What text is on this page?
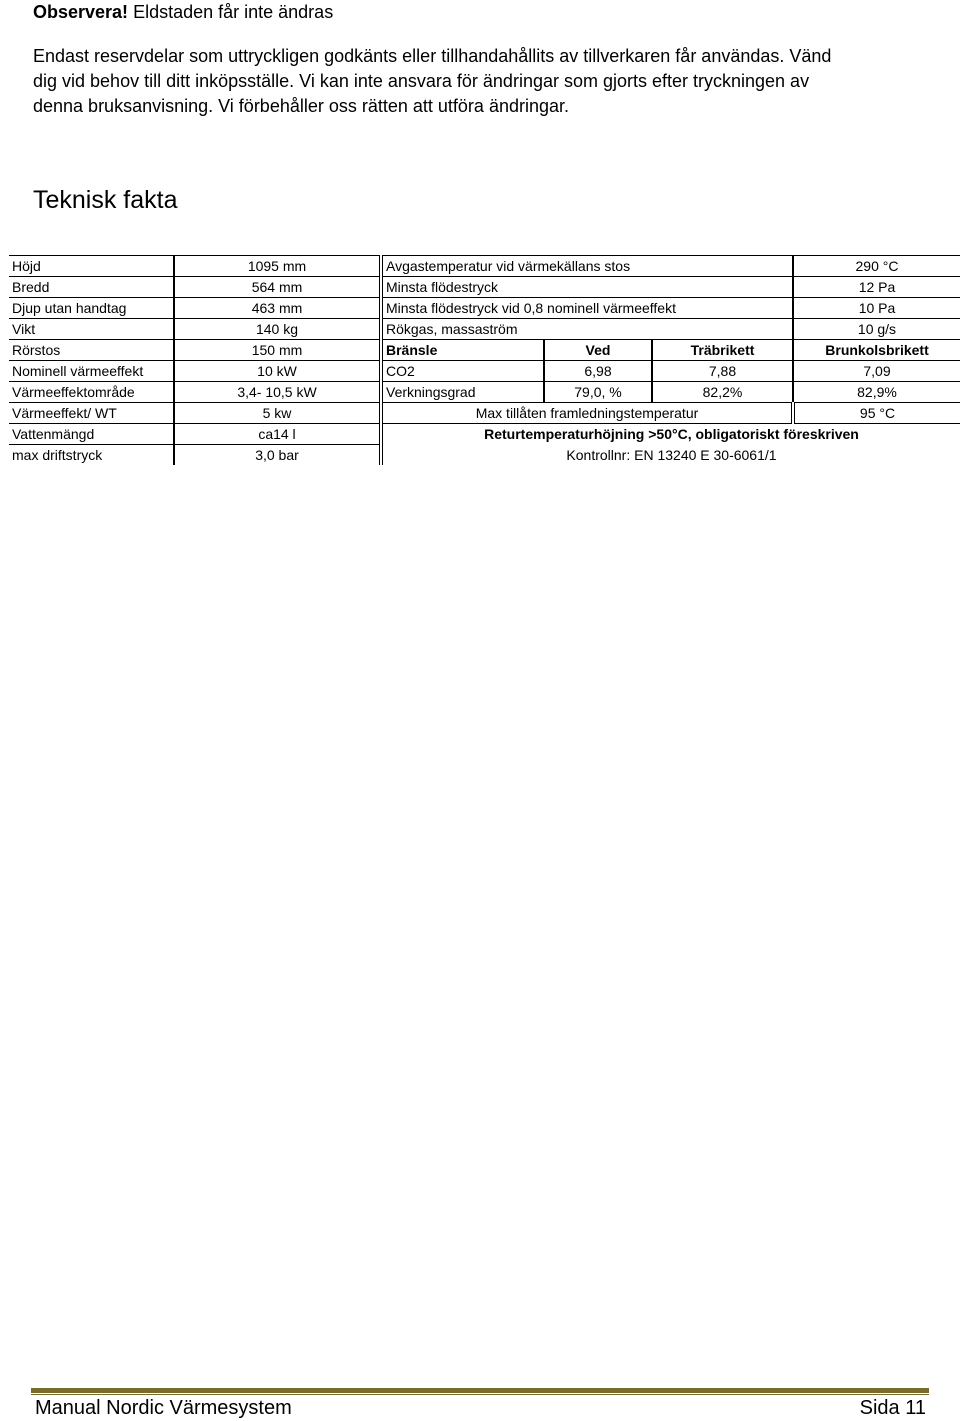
Observera! Eldstaden får inte ändras
Endast reservdelar som uttryckligen godkänts eller tillhandahållits av tillverkaren får användas. Vänd
dig vid behov till ditt inköpsställe. Vi kan inte ansvara för ändringar som gjorts efter tryckningen av
denna bruksanvisning. Vi förbehåller oss rätten att utföra ändringar.
Teknisk fakta
Höjd	1095 mm	Avgastemperatur vid värmekällans stos			290 °C
Bredd	564 mm	Minsta flödestryck			12 Pa
Djup utan handtag	463 mm	Minsta flödestryck vid 0,8 nominell värmeeffekt			10 Pa
Vikt	140 kg	Rökgas, massaström			10 g/s
Rörstos	150 mm	Bränsle	Ved	Träbrikett	Brunkolsbrikett
Nominell värmeeffekt	10 kW	CO2	6,98	7,88	7,09
Värmeeffektområde	3,4- 10,5 kW	Verkningsgrad	79,0, %	82,2%	82,9%
Värmeeffekt/ WT	5 kw	Max tillåten framledningstemperatur			95 °C
Vattenmängd	ca14 l	Returtemperaturhöjning >50°C, obligatoriskt föreskriven			
max driftstryck	3,0 bar	Kontrollnr: EN 13240 E 30-6061/1			
Manual Nordic Värmesystem	Sida 11
